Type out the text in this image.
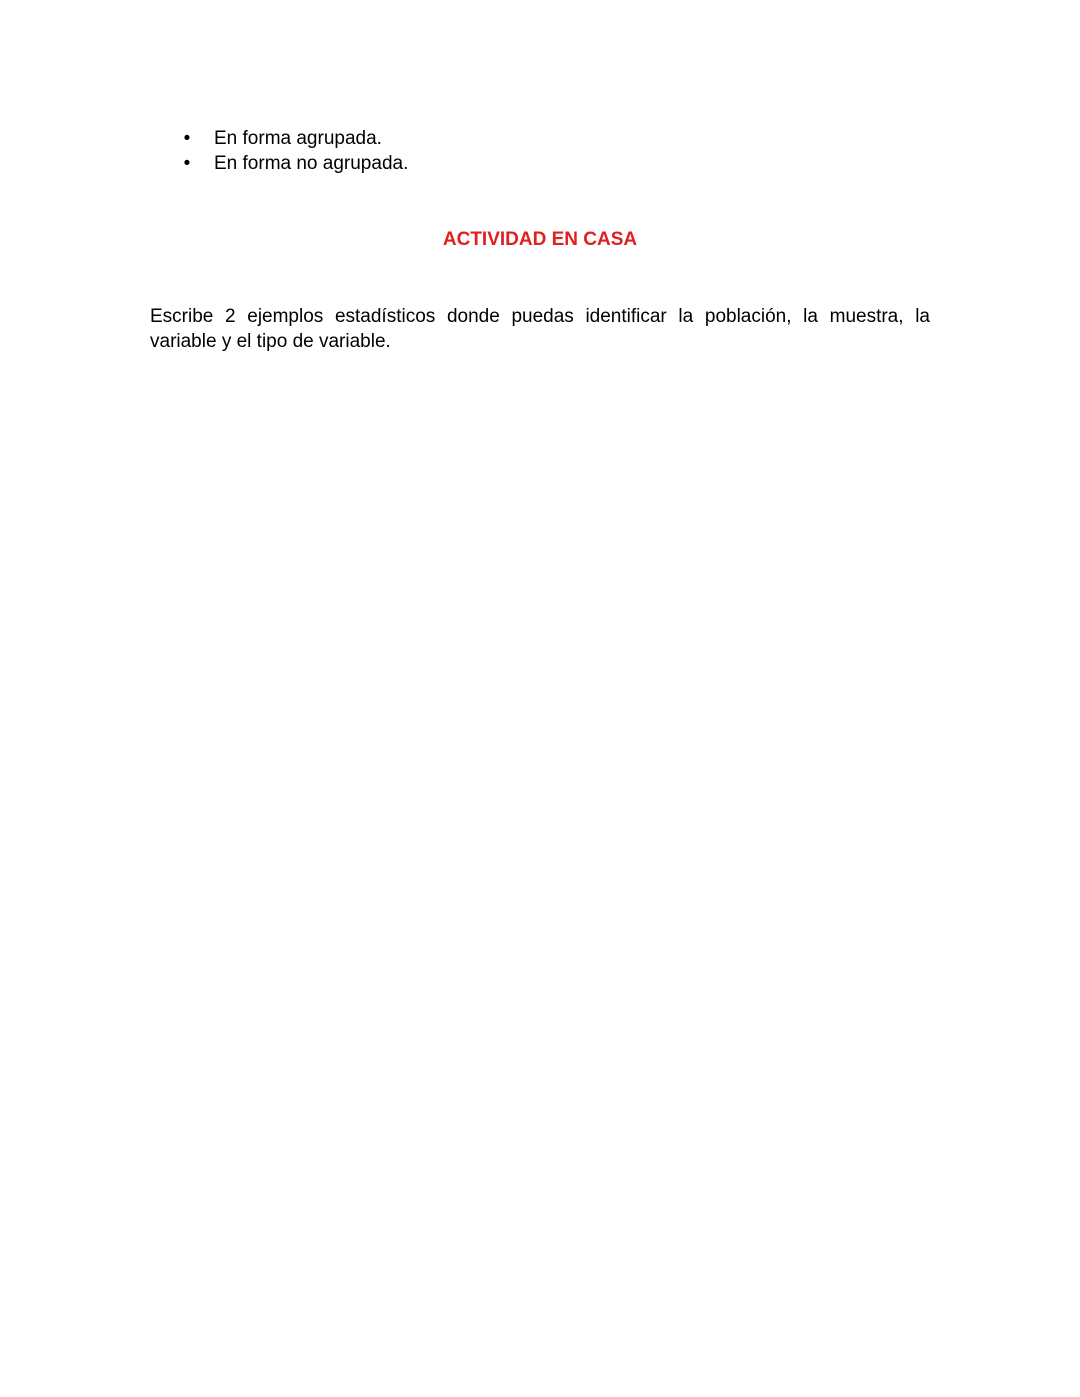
• En forma agrupada.
• En forma no agrupada.
ACTIVIDAD EN CASA

Escribe 2 ejemplos estadísticos donde puedas identificar la población, la muestra, la variable y el tipo de variable.
